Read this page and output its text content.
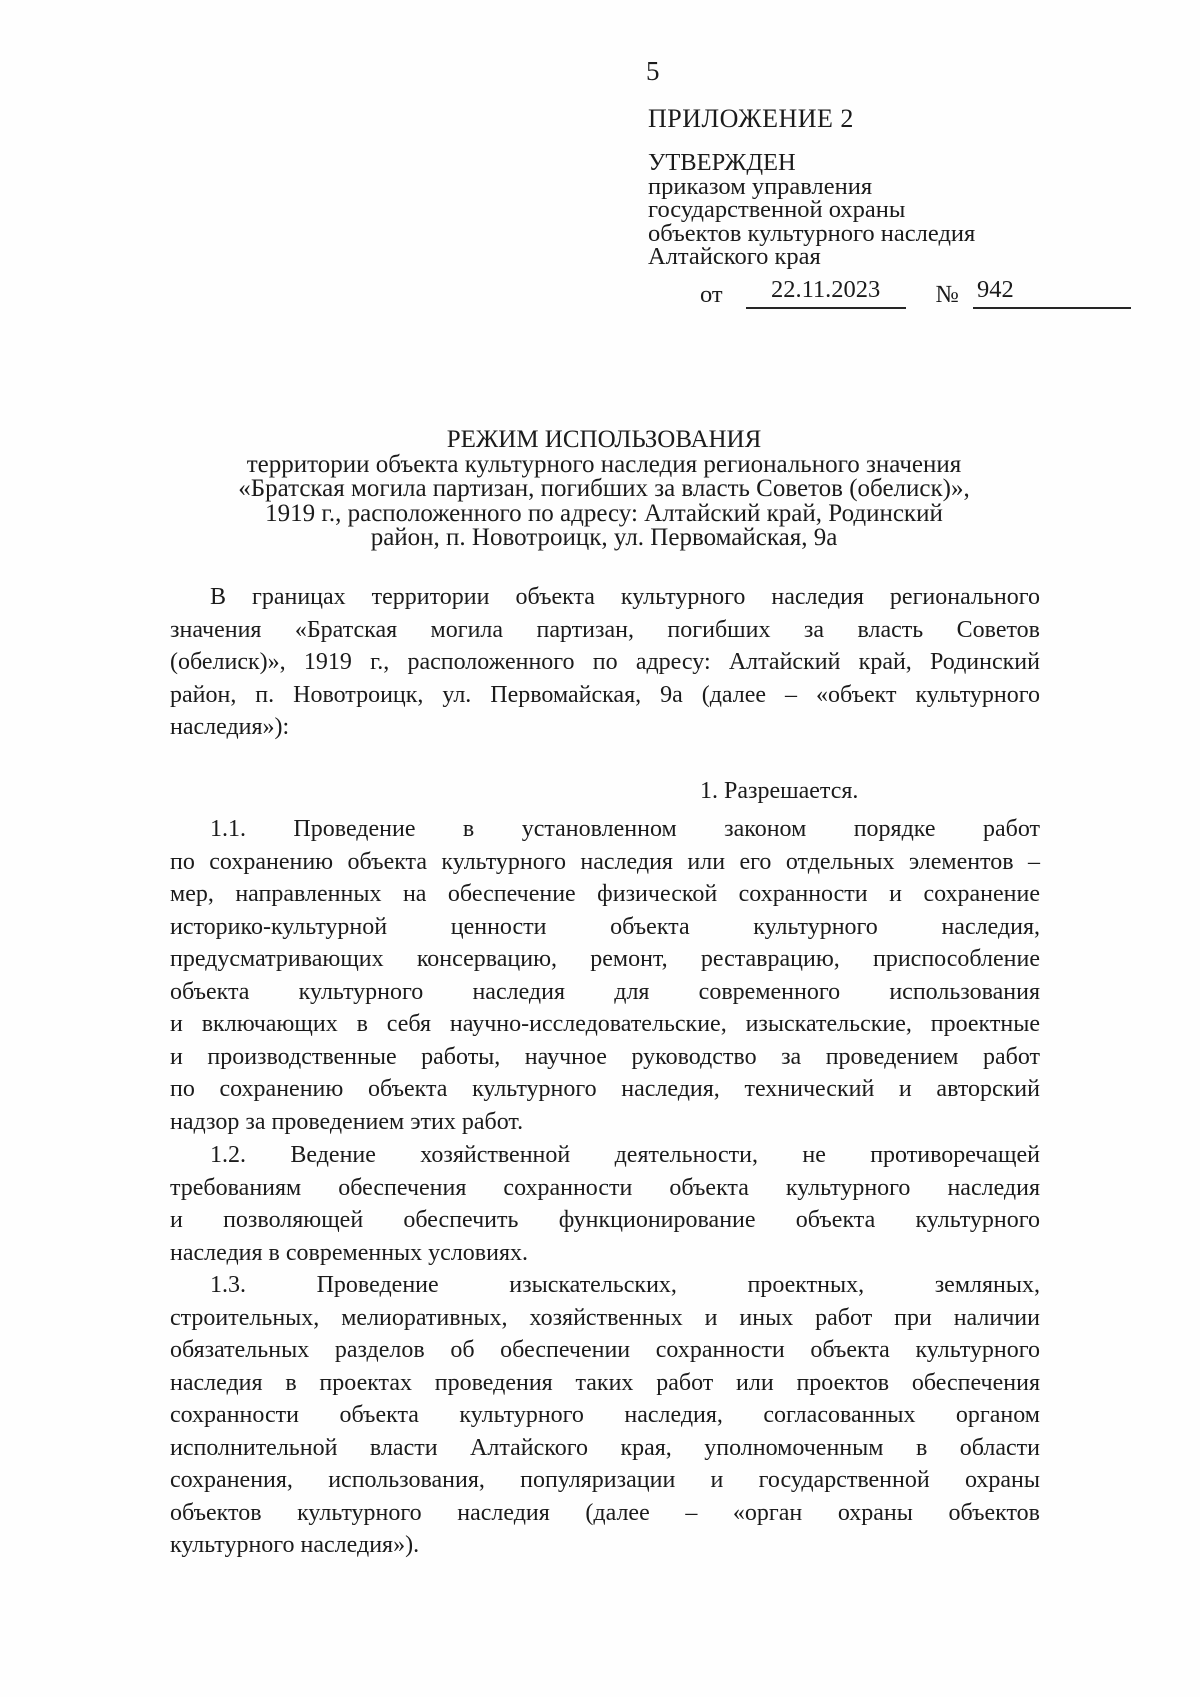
5
ПРИЛОЖЕНИЕ 2
УТВЕРЖДЕН
приказом управления
государственной охраны
объектов культурного наследия
Алтайского края
от 22.11.2023 № 942
РЕЖИМ ИСПОЛЬЗОВАНИЯ
территории объекта культурного наследия регионального значения
«Братская могила партизан, погибших за власть Советов (обелиск)»,
1919 г., расположенного по адресу: Алтайский край, Родинский
район, п. Новотроицк, ул. Первомайская, 9а
В границах территории объекта культурного наследия регионального
значения «Братская могила партизан, погибших за власть Советов
(обелиск)», 1919 г., расположенного по адресу: Алтайский край, Родинский
район, п. Новотроицк, ул. Первомайская, 9а (далее – «объект культурного
наследия»):
1. Разрешается.
1.1. Проведение в установленном законом порядке работ
по сохранению объекта культурного наследия или его отдельных элементов –
мер, направленных на обеспечение физической сохранности и сохранение
историко-культурной ценности объекта культурного наследия,
предусматривающих консервацию, ремонт, реставрацию, приспособление
объекта культурного наследия для современного использования
и включающих в себя научно-исследовательские, изыскательские, проектные
и производственные работы, научное руководство за проведением работ
по сохранению объекта культурного наследия, технический и авторский
надзор за проведением этих работ.
1.2. Ведение хозяйственной деятельности, не противоречащей
требованиям обеспечения сохранности объекта культурного наследия
и позволяющей обеспечить функционирование объекта культурного
наследия в современных условиях.
1.3. Проведение изыскательских, проектных, земляных,
строительных, мелиоративных, хозяйственных и иных работ при наличии
обязательных разделов об обеспечении сохранности объекта культурного
наследия в проектах проведения таких работ или проектов обеспечения
сохранности объекта культурного наследия, согласованных органом
исполнительной власти Алтайского края, уполномоченным в области
сохранения, использования, популяризации и государственной охраны
объектов культурного наследия (далее – «орган охраны объектов
культурного наследия»).
